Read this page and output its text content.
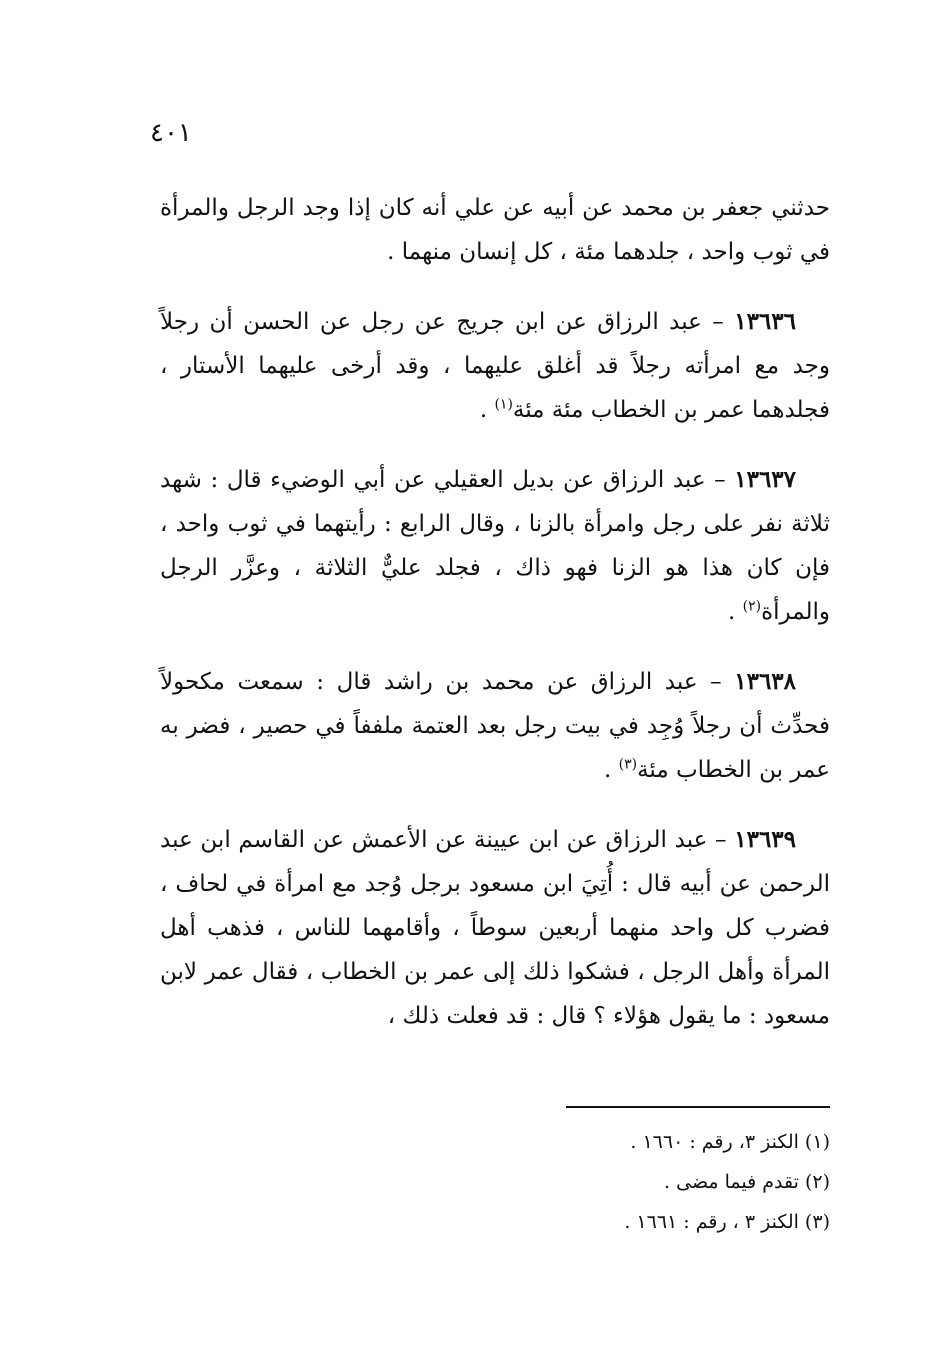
٤٠١

حدثني جعفر بن محمد عن أبيه عن علي أنه كان إذا وجد الرجل والمرأة في ثوب واحد ، جلدهما مئة ، كل إنسان منهما .

١٣٦٣٦ – عبد الرزاق عن ابن جريج عن رجل عن الحسن أن رجلاً وجد مع امرأته رجلاً قد أغلق عليهما ، وقد أرخى عليهما الأستار ، فجلدهما عمر بن الخطاب مئة مئة$^{(١)}$ .

١٣٦٣٧ – عبد الرزاق عن بديل العقيلي عن أبي الوضيء قال : شهد ثلاثة نفر على رجل وامرأة بالزنا ، وقال الرابع : رأيتهما في ثوب واحد ، فإن كان هذا هو الزنا فهو ذاك ، فجلد عليٌّ الثلاثة ، وعزَّر الرجل والمرأة$^{(٢)}$ .

١٣٦٣٨ – عبد الرزاق عن محمد بن راشد قال : سمعت مكحولاً فحدِّث أن رجلاً وُجِد في بيت رجل بعد العتمة ملففاً في حصير ، فضر به عمر بن الخطاب مئة$^{(٣)}$ .

١٣٦٣٩ – عبد الرزاق عن ابن عيينة عن الأعمش عن القاسم ابن عبد الرحمن عن أبيه قال : أُتِيَ ابن مسعود برجل وُجد مع امرأة في لحاف ، فضرب كل واحد منهما أربعين سوطاً ، وأقامهما للناس ، فذهب أهل المرأة وأهل الرجل ، فشكوا ذلك إلى عمر بن الخطاب ، فقال عمر لابن مسعود : ما يقول هؤلاء ؟ قال : قد فعلت ذلك ،

(١) الكنز ٣، رقم : ١٦٦٠ .

(٢) تقدم فيما مضى .

(٣) الكنز ٣ ، رقم : ١٦٦١ .
